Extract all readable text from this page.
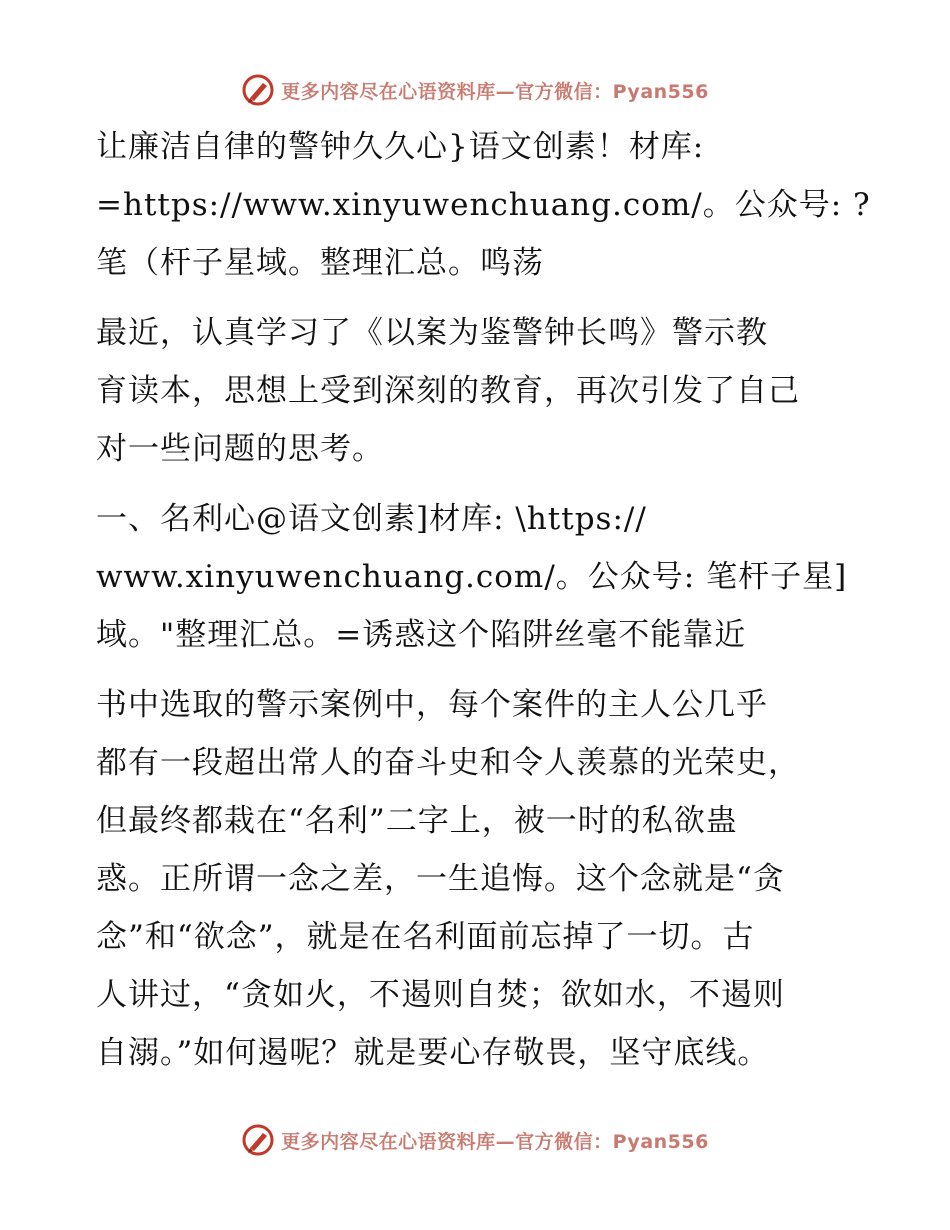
更多内容尽在心语资料库—官方微信：Pyan556
让廉洁自律的警钟久久心}语文创素！材库:
=https://www.xinyuwenchuang.com/。公众号: ?
笔（杆子星域。整理汇总。鸣荡
最近，认真学习了《以案为鉴警钟长鸣》警示教
育读本，思想上受到深刻的教育，再次引发了自己
对一些问题的思考。
一、名利心@语文创素]材库: \https://
www.xinyuwenchuang.com/。公众号: 笔杆子星]
域。"整理汇总。=诱惑这个陷阱丝毫不能靠近
书中选取的警示案例中，每个案件的主人公几乎
都有一段超出常人的奋斗史和令人羡慕的光荣史，
但最终都栽在“名利”二字上，被一时的私欲蛊
惑。正所谓一念之差，一生追悔。这个念就是“贪
念”和“欲念”，就是在名利面前忘掉了一切。古
人讲过，“贪如火，不遏则自焚；欲如水，不遏则
自溺。”如何遏呢？就是要心存敬畏，坚守底线。
更多内容尽在心语资料库—官方微信：Pyan556
